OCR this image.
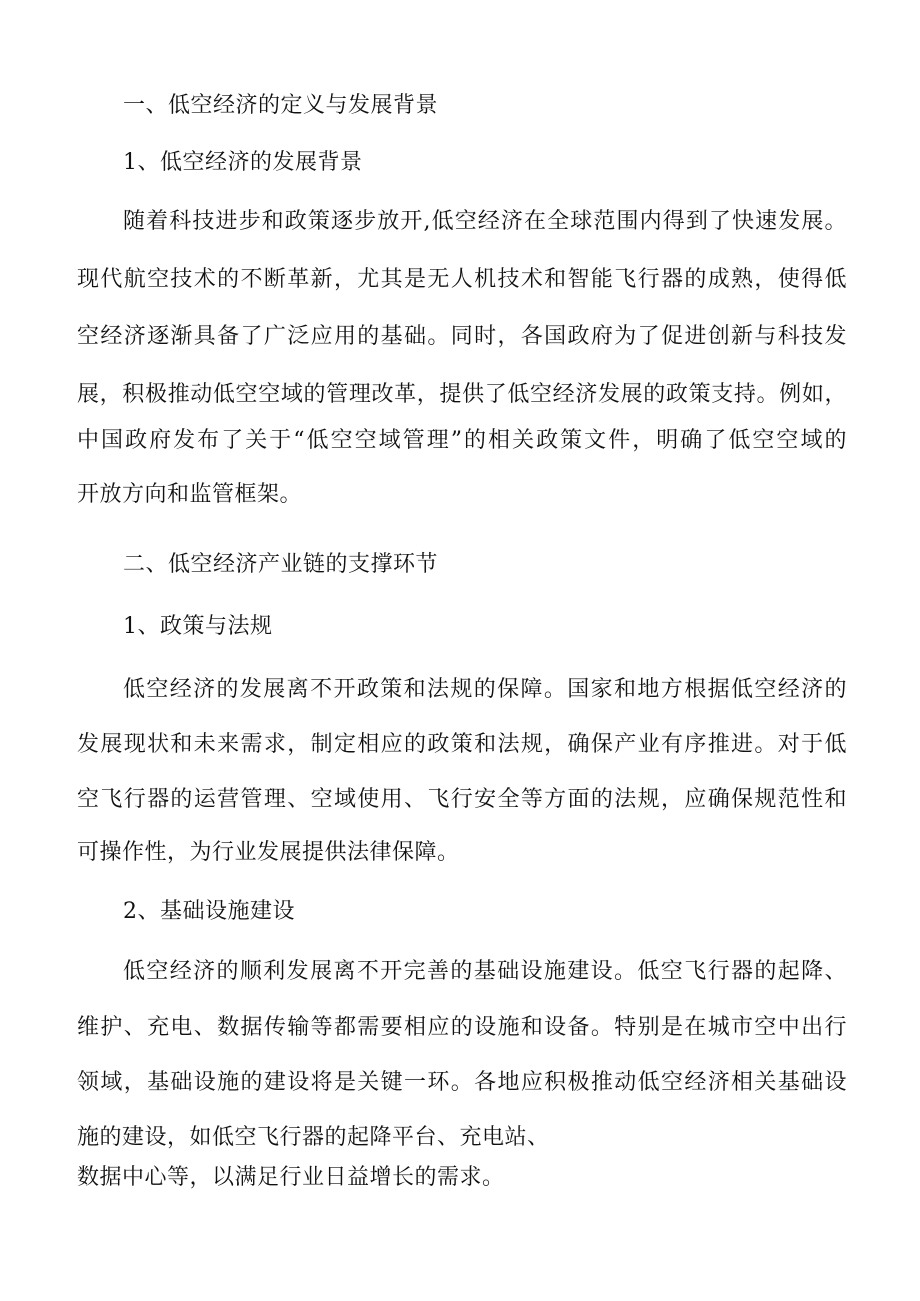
一、低空经济的定义与发展背景
1、低空经济的发展背景
随着科技进步和政策逐步放开,低空经济在全球范围内得到了快速发展。
现代航空技术的不断革新，尤其是无人机技术和智能飞行器的成熟，使得低
空经济逐渐具备了广泛应用的基础。同时，各国政府为了促进创新与科技发
展，积极推动低空空域的管理改革，提供了低空经济发展的政策支持。例如，
中国政府发布了关于“低空空域管理”的相关政策文件，明确了低空空域的
开放方向和监管框架。
二、低空经济产业链的支撑环节
1、政策与法规
低空经济的发展离不开政策和法规的保障。国家和地方根据低空经济的
发展现状和未来需求，制定相应的政策和法规，确保产业有序推进。对于低
空飞行器的运营管理、空域使用、飞行安全等方面的法规，应确保规范性和
可操作性，为行业发展提供法律保障。
2、基础设施建设
低空经济的顺利发展离不开完善的基础设施建设。低空飞行器的起降、
维护、充电、数据传输等都需要相应的设施和设备。特别是在城市空中出行
领域，基础设施的建设将是关键一环。各地应积极推动低空经济相关基础设
施的建设，如低空飞行器的起降平台、充电站、
数据中心等，以满足行业日益增长的需求。
